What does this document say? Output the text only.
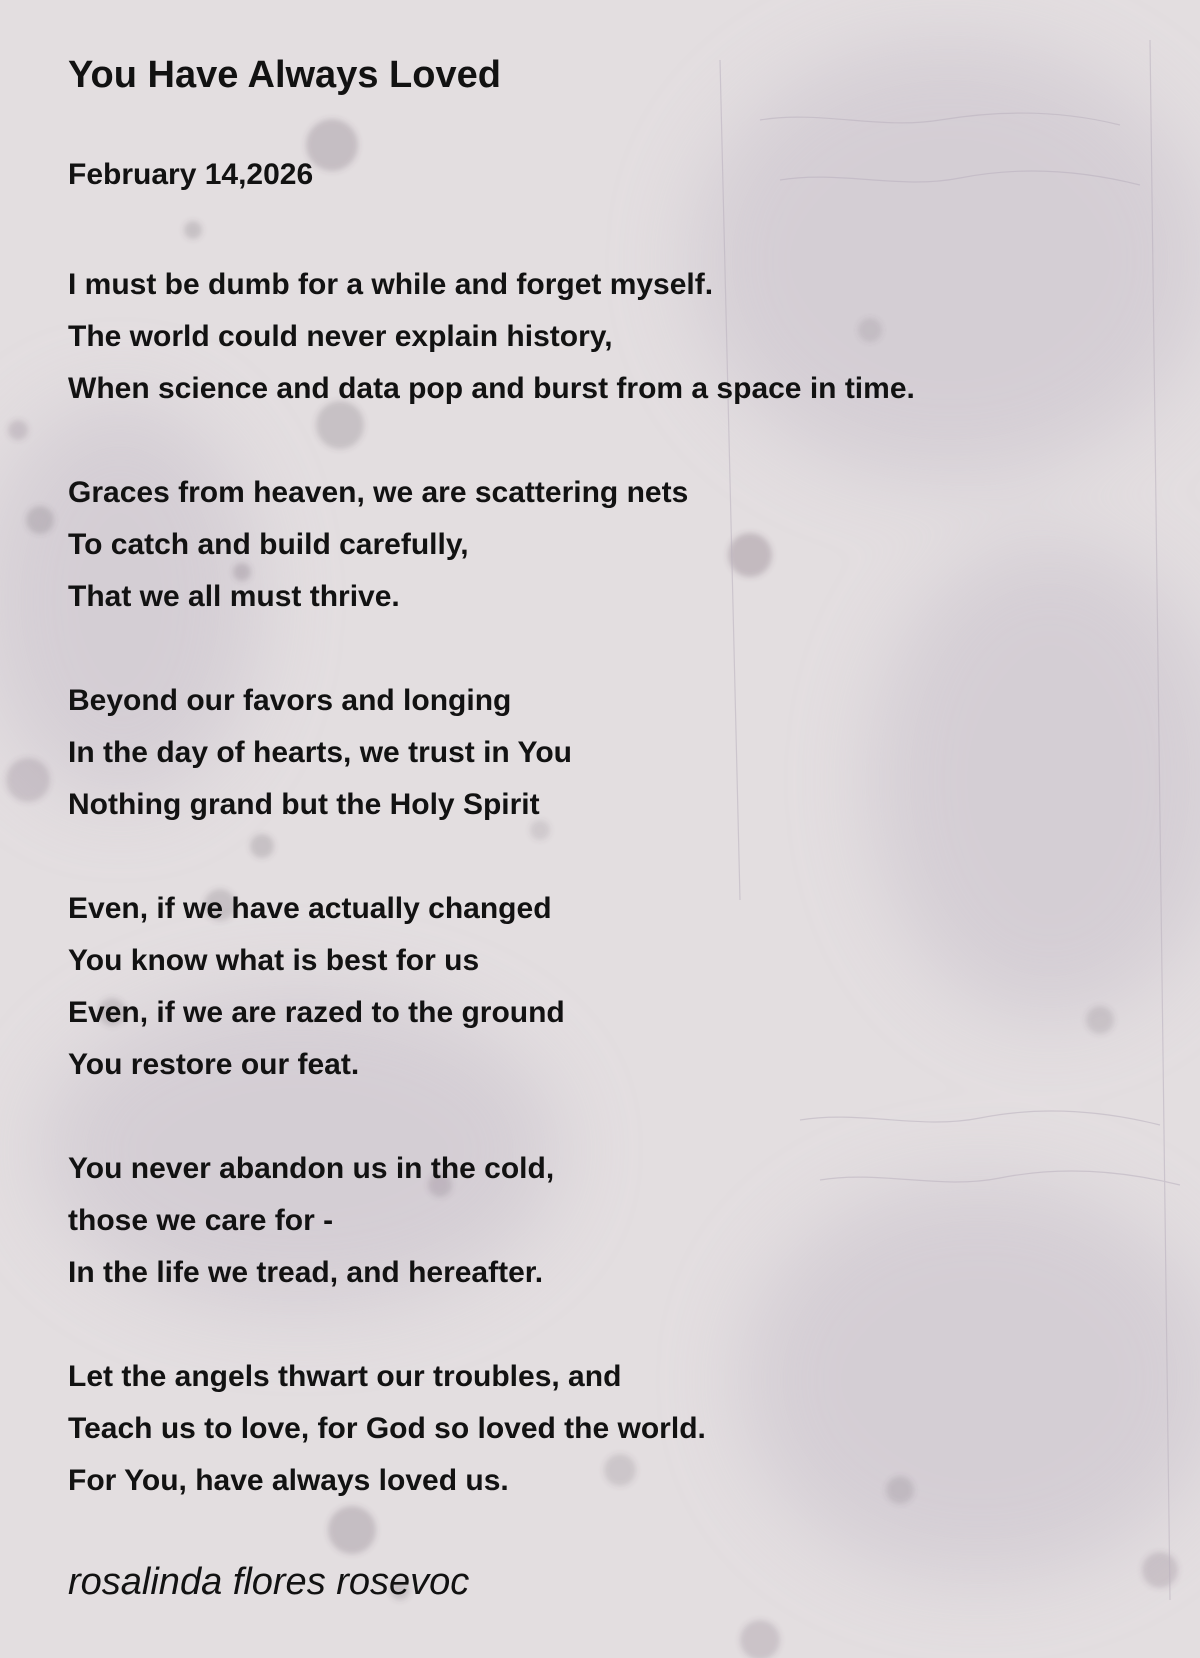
You Have Always Loved
February 14,2026
I must be dumb for a while and forget myself.
The world could never explain history,
When science and data pop and burst from a space in time.
Graces from heaven, we are scattering nets
To catch and build carefully,
That we all must thrive.
Beyond our favors and longing
In the day of hearts, we trust in You
Nothing grand but the Holy Spirit
Even, if we have actually changed
You know what is best for us
Even, if we are razed to the ground
You restore our feat.
You never abandon us in the cold,
those we care for -
In the life we tread, and hereafter.
Let the angels thwart our troubles, and
Teach us to love, for God so loved the world.
For You, have always loved us.
rosalinda flores rosevoc
